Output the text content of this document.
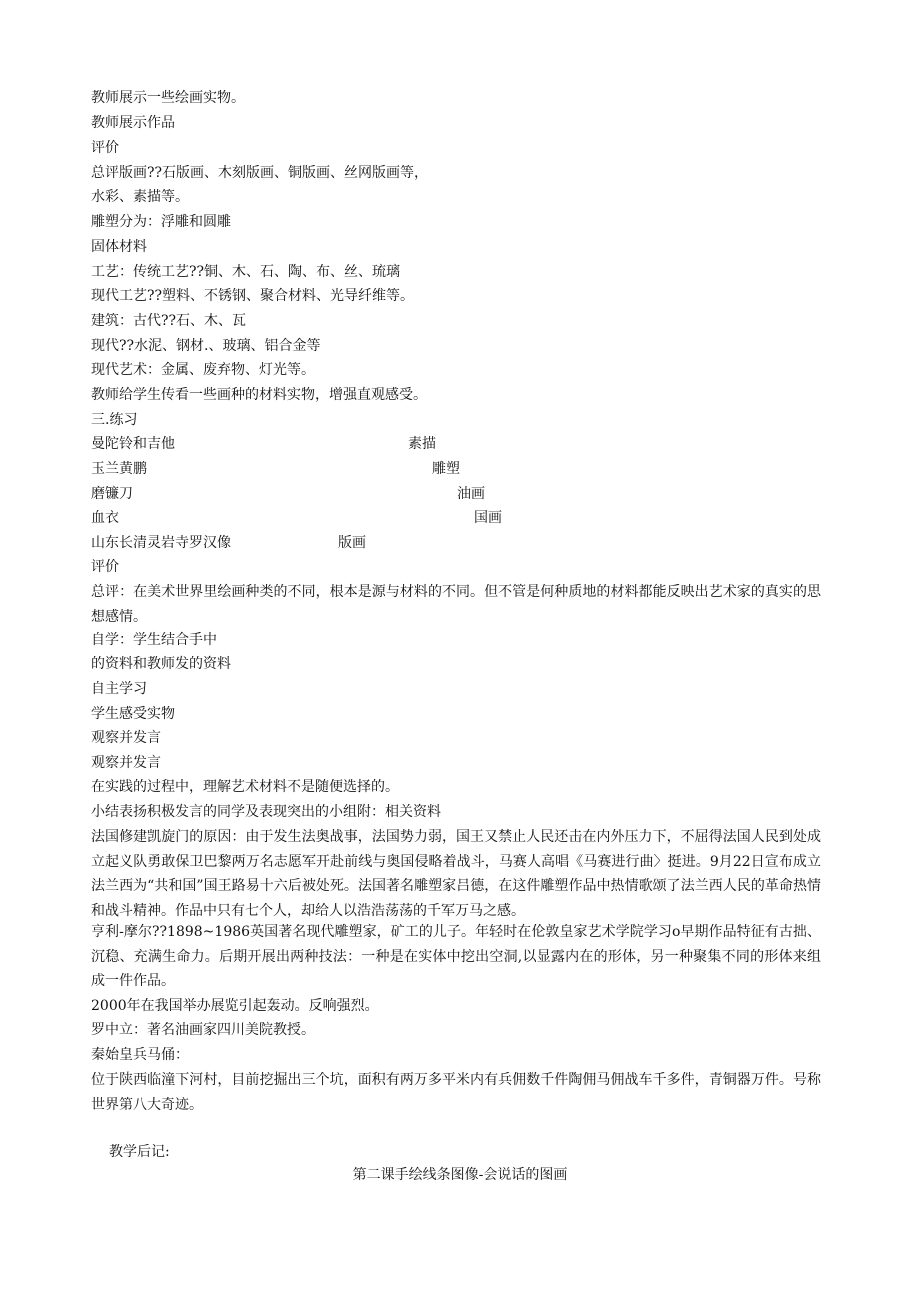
教师展示一些绘画实物。

教师展示作品

评价

总评版画??石版画、木刻版画、铜版画、丝网版画等，

水彩、素描等。

雕塑分为：浮雕和圆雕

固体材料

工艺：传统工艺??铜、木、石、陶、布、丝、琉璃

现代工艺??塑料、不锈钢、聚合材料、光导纤维等。

建筑：古代??石、木、瓦

现代??水泥、钢材.、玻璃、铝合金等

现代艺术：金属、废弃物、灯光等。

教师给学生传看一些画种的材料实物，增强直观感受。

三.练习

曼陀铃和吉他	素描
玉兰黄鹏	雕塑
磨镰刀	油画
血衣	国画
山东长清灵岩寺罗汉像	版画

评价

总评：在美术世界里绘画种类的不同，根本是源与材料的不同。但不管是何种质地的材料都能反映出艺术家的真实的思想感情。

自学：学生结合手中

的资料和教师发的资料

自主学习

学生感受实物

观察并发言

观察并发言

在实践的过程中，理解艺术材料不是随便选择的。

小结表扬积极发言的同学及表现突出的小组附：相关资料

法国修建凯旋门的原因：由于发生法奥战事，法国势力弱，国王又禁止人民还击在内外压力下，不屈得法国人民到处成立起义队勇敢保卫巴黎两万名志愿军开赴前线与奥国侵略着战斗，马赛人高唱《马赛进行曲〉挺进。9月22日宣布成立法兰西为“共和国”国王路易十六后被处死。法国著名雕塑家吕德，在这件雕塑作品中热情歌颂了法兰西人民的革命热情和战斗精神。作品中只有七个人，却给人以浩浩荡荡的千军万马之感。

亨利-摩尔??1898~1986英国著名现代雕塑家，矿工的儿子。年轻时在伦敦皇家艺术学院学习o早期作品特征有古拙、沉稳、充满生命力。后期开展出两种技法：一种是在实体中挖出空洞,以显露内在的形体，另一种聚集不同的形体来组成一件作品。

2000年在我国举办展览引起轰动。反响强烈。

罗中立：著名油画家四川美院教授。

秦始皇兵马俑：

位于陕西临潼下河村，目前挖掘出三个坑，面积有两万多平米内有兵佣数千件陶佣马佣战车千多件，青铜器万件。号称世界第八大奇迹。

教学后记:

第二课手绘线条图像-会说话的图画
